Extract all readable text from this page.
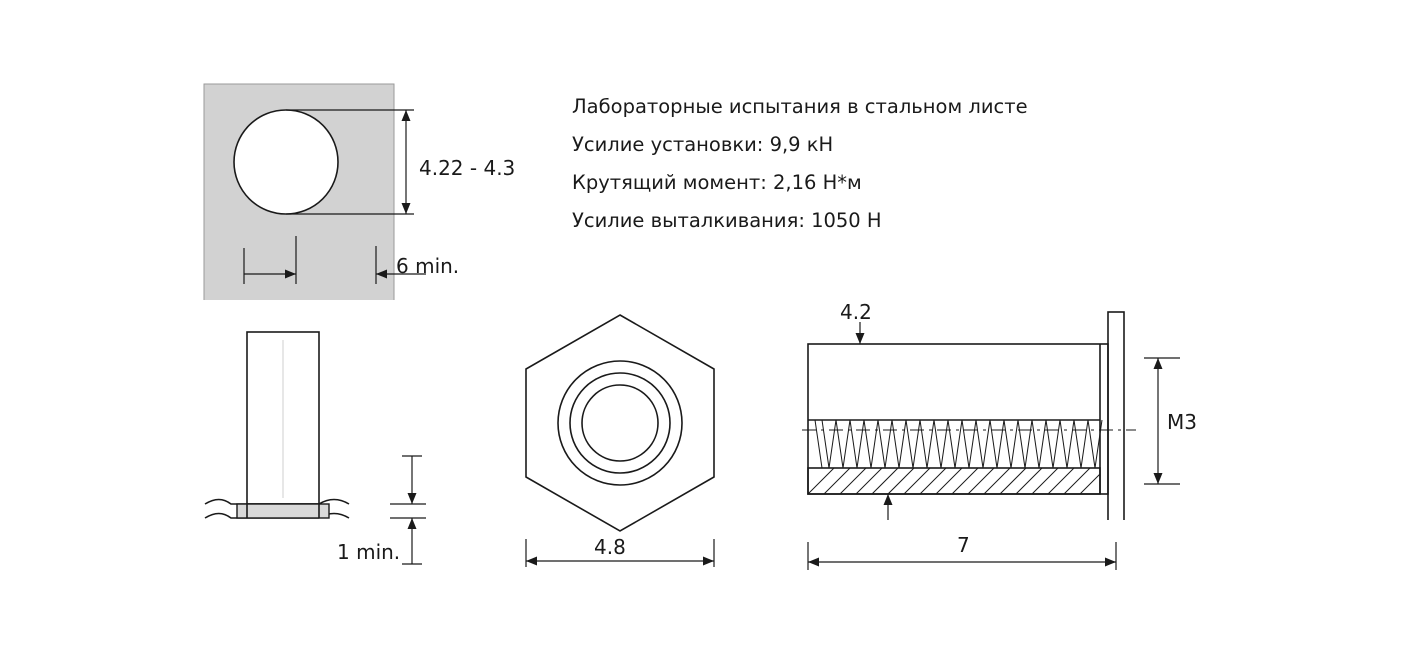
4.22 - 4.3
6 min.
Лабораторные испытания в стальном листе
Усилие установки: 9,9 кН
Крутящий момент: 2,16 Н*м
Усилие выталкивания: 1050 Н
1 min.	4.8
4.2
M3
7
